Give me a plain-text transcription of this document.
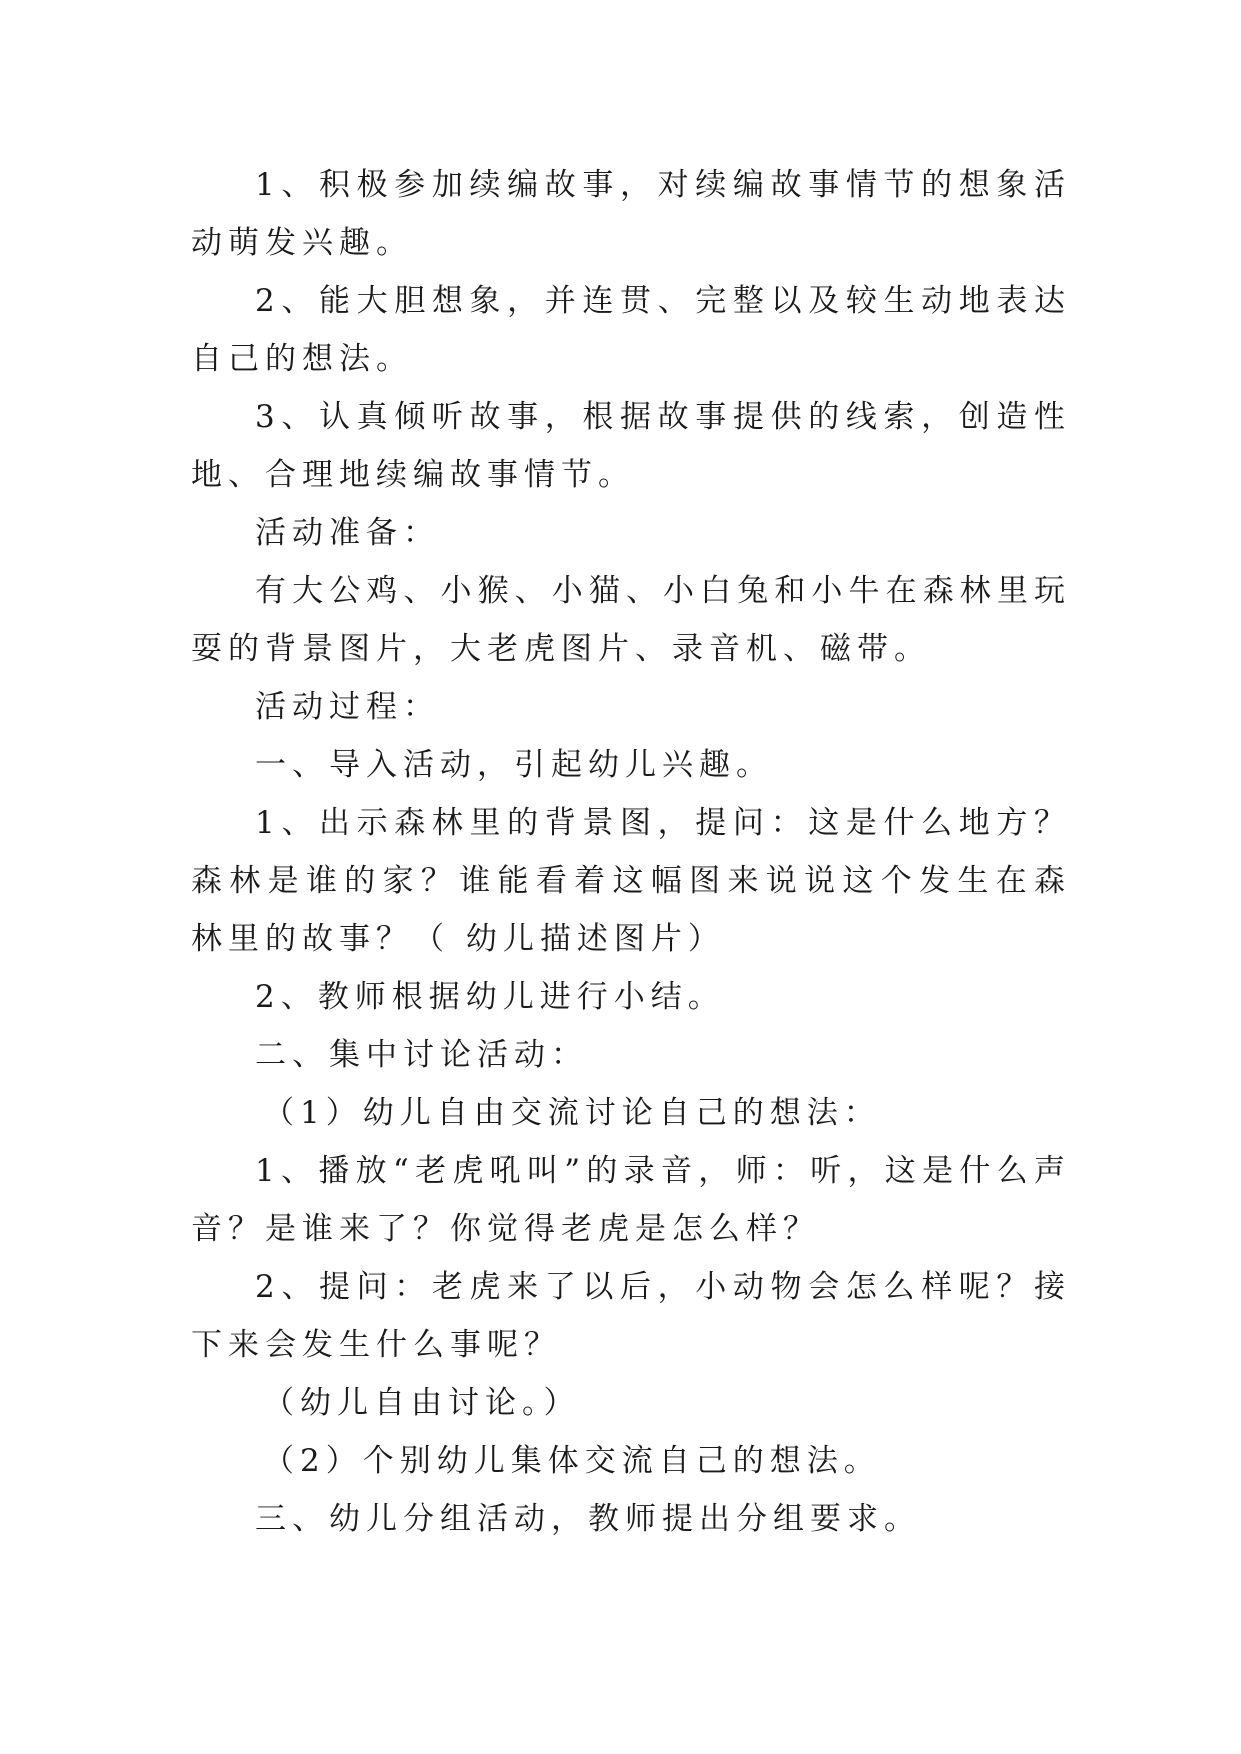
1、积极参加续编故事，对续编故事情节的想象活动萌发兴趣。

2、能大胆想象，并连贯、完整以及较生动地表达自己的想法。

3、认真倾听故事，根据故事提供的线索，创造性地、合理地续编故事情节。

活动准备：

有大公鸡、小猴、小猫、小白兔和小牛在森林里玩耍的背景图片，大老虎图片、录音机、磁带。

活动过程：

一、导入活动，引起幼儿兴趣。

1、出示森林里的背景图，提问：这是什么地方？森林是谁的家？谁能看着这幅图来说说这个发生在森林里的故事？（ 幼儿描述图片）

2、教师根据幼儿进行小结。

二、集中讨论活动：

（1）幼儿自由交流讨论自己的想法：

1、播放“老虎吼叫”的录音，师：听，这是什么声音？是谁来了？你觉得老虎是怎么样？

2、提问：老虎来了以后，小动物会怎么样呢？接下来会发生什么事呢？

（幼儿自由讨论。）

（2）个别幼儿集体交流自己的想法。

三、幼儿分组活动，教师提出分组要求。
